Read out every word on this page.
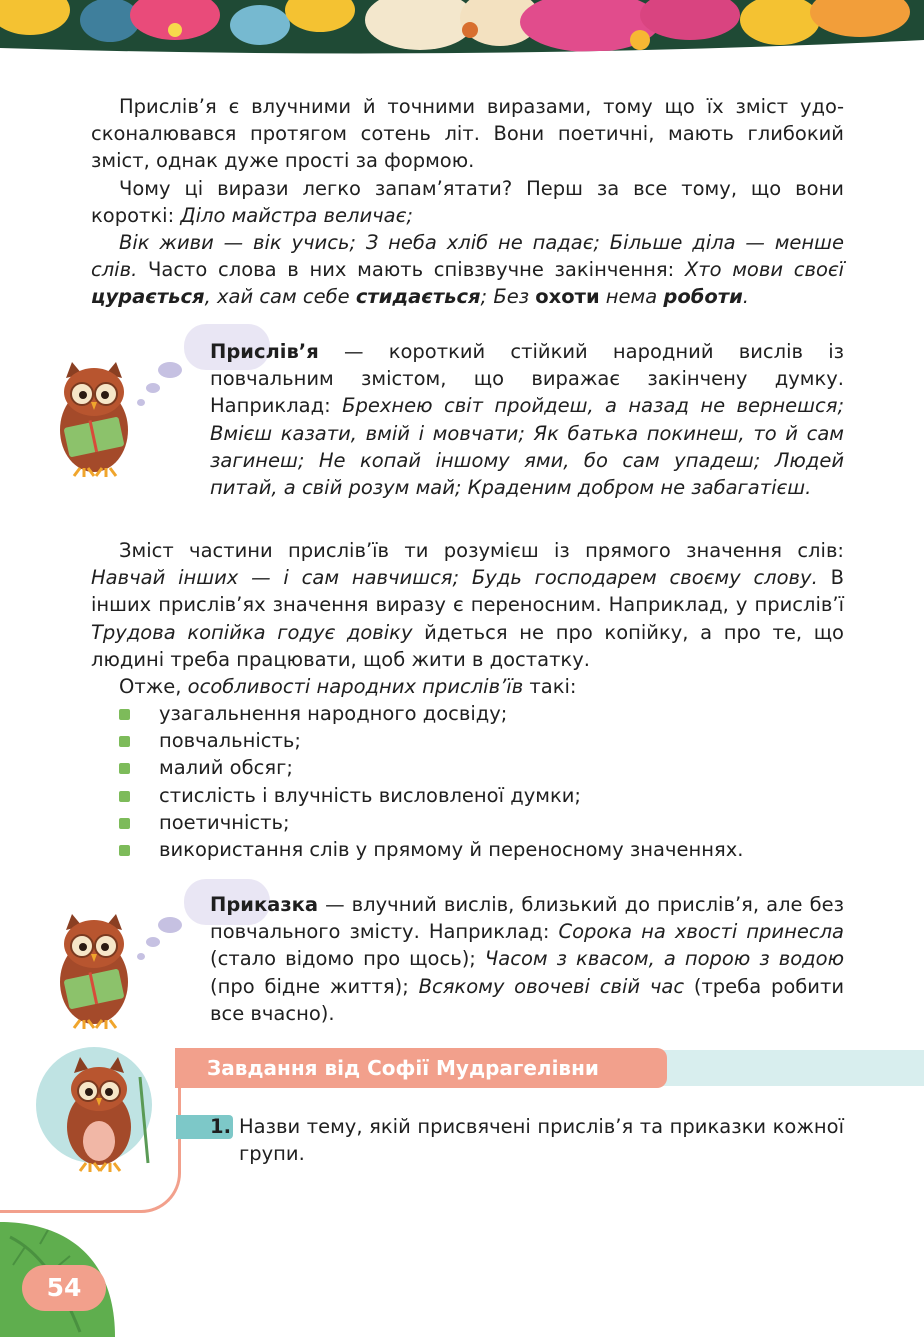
Прислів’я є влучними й точними виразами, тому що їх зміст удосконалювався протягом сотень літ. Вони поетичні, мають глибокий зміст, однак дуже прості за формою.

Чому ці вирази легко запам’ятати? Перш за все тому, що вони короткі: Діло майстра величає;

Вік живи — вік учись; З неба хліб не падає; Більше діла — менше слів. Часто слова в них мають співзвучне закінчення: Хто мови своєї цурається, хай сам себе стидається; Без охоти нема роботи.

Прислів’я — короткий стійкий народний вислів із повчальним змістом, що виражає закінчену думку. Наприклад: Брехнею світ пройдеш, а назад не вернешся; Вмієш казати, вмій і мовчати; Як батька покинеш, то й сам загинеш; Не копай іншому ями, бо сам упадеш; Людей питай, а свій розум май; Краденим добром не забагатієш.

Зміст частини прислів’їв ти розумієш із прямого значення слів: Навчай інших — і сам навчишся; Будь господарем своєму слову. В інших прислів’ях значення виразу є переносним. Наприклад, у прислів’ї Трудова копійка годує довіку йдеться не про копійку, а про те, що людині треба працювати, щоб жити в достатку.

Отже, особливості народних прислів’їв такі:

узагальнення народного досвіду;
повчальність;
малий обсяг;
стислість і влучність висловленої думки;
поетичність;
використання слів у прямому й переносному значеннях.

Приказка — влучний вислів, близький до прислів’я, але без повчального змісту. Наприклад: Сорока на хвості принесла (стало відомо про щось); Часом з квасом, а порою з водою (про бідне життя); Всякому овочеві свій час (треба робити все вчасно).

Завдання від Софії Мудрагелівни
1. Назви тему, якій присвячені прислів’я та приказки кожної групи.
54
